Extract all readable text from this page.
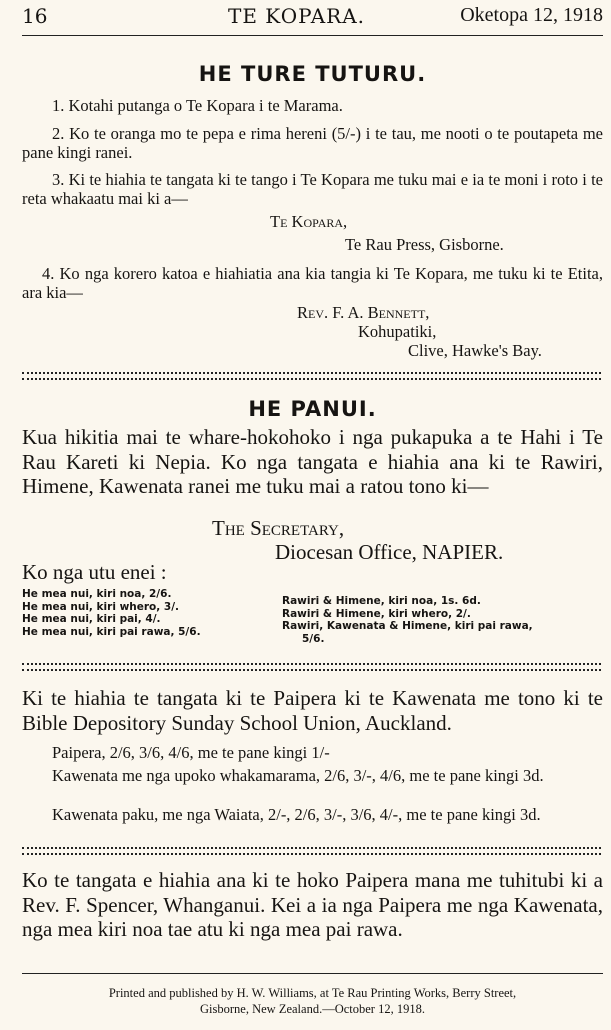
16	TE KOPARA.	Oketopa 12, 1918
HE TURE TUTURU.
1. Kotahi putanga o Te Kopara i te Marama.
2. Ko te oranga mo te pepa e rima hereni (5/-) i te tau, me nooti o te poutapeta me pane kingi ranei.
3. Ki te hiahia te tangata ki te tango i Te Kopara me tuku mai e ia te moni i roto i te reta whakaatu mai ki a—
Te Kopara,
Te Rau Press, Gisborne.
4. Ko nga korero katoa e hiahiatia ana kia tangia ki Te Kopara, me tuku ki te Etita, ara kia—
Rev. F. A. Bennett,
Kohupatiki,
Clive, Hawke's Bay.
HE PANUI.
Kua hikitia mai te whare-hokohoko i nga pukapuka a te Hahi i Te Rau Kareti ki Nepia. Ko nga tangata e hiahia ana ki te Rawiri, Himene, Kawenata ranei me tuku mai a ratou tono ki—
The Secretary,
Diocesan Office, NAPIER.
Ko nga utu enei :
He mea nui, kiri noa, 2/6.
He mea nui, kiri whero, 3/.
He mea nui, kiri pai, 4/.
He mea nui, kiri pai rawa, 5/6.
Rawiri & Himene, kiri noa, 1s. 6d.
Rawiri & Himene, kiri whero, 2/.
Rawiri, Kawenata & Himene, kiri pai rawa,
5/6.
Ki te hiahia te tangata ki te Paipera ki te Kawenata me tono ki te Bible Depository Sunday School Union, Auckland.
Paipera, 2/6, 3/6, 4/6, me te pane kingi 1/-
Kawenata me nga upoko whakamarama, 2/6, 3/-, 4/6, me te pane kingi 3d.
Kawenata paku, me nga Waiata, 2/-, 2/6, 3/-, 3/6, 4/-, me te pane kingi 3d.
Ko te tangata e hiahia ana ki te hoko Paipera mana me tuhitubi ki a Rev. F. Spencer, Whanganui. Kei a ia nga Paipera me nga Kawenata, nga mea kiri noa tae atu ki nga mea pai rawa.
Printed and published by H. W. Williams, at Te Rau Printing Works, Berry Street,
Gisborne, New Zealand.—October 12, 1918.
